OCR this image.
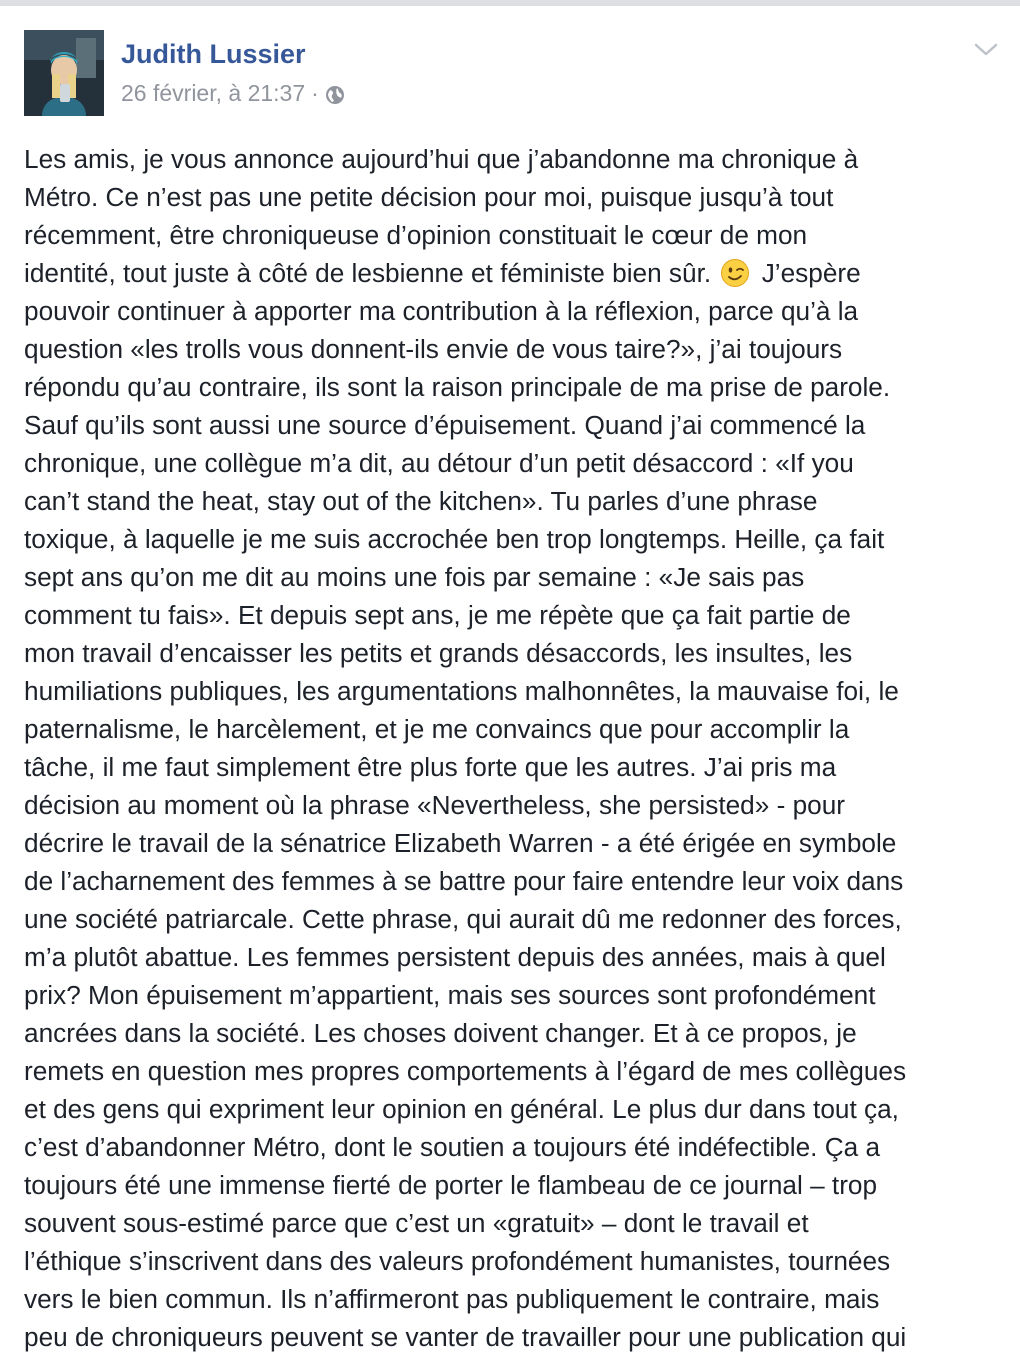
Judith Lussier
26 février, à 21:37 ·
Les amis, je vous annonce aujourd’hui que j’abandonne ma chronique à
Métro. Ce n’est pas une petite décision pour moi, puisque jusqu’à tout
récemment, être chroniqueuse d’opinion constituait le cœur de mon
identité, tout juste à côté de lesbienne et féministe bien sûr. J’espère
pouvoir continuer à apporter ma contribution à la réflexion, parce qu’à la
question «les trolls vous donnent-ils envie de vous taire?», j’ai toujours
répondu qu’au contraire, ils sont la raison principale de ma prise de parole.
Sauf qu’ils sont aussi une source d’épuisement. Quand j’ai commencé la
chronique, une collègue m’a dit, au détour d’un petit désaccord : «If you
can’t stand the heat, stay out of the kitchen». Tu parles d’une phrase
toxique, à laquelle je me suis accrochée ben trop longtemps. Heille, ça fait
sept ans qu’on me dit au moins une fois par semaine : «Je sais pas
comment tu fais». Et depuis sept ans, je me répète que ça fait partie de
mon travail d’encaisser les petits et grands désaccords, les insultes, les
humiliations publiques, les argumentations malhonnêtes, la mauvaise foi, le
paternalisme, le harcèlement, et je me convaincs que pour accomplir la
tâche, il me faut simplement être plus forte que les autres. J’ai pris ma
décision au moment où la phrase «Nevertheless, she persisted» - pour
décrire le travail de la sénatrice Elizabeth Warren - a été érigée en symbole
de l’acharnement des femmes à se battre pour faire entendre leur voix dans
une société patriarcale. Cette phrase, qui aurait dû me redonner des forces,
m’a plutôt abattue. Les femmes persistent depuis des années, mais à quel
prix? Mon épuisement m’appartient, mais ses sources sont profondément
ancrées dans la société. Les choses doivent changer. Et à ce propos, je
remets en question mes propres comportements à l’égard de mes collègues
et des gens qui expriment leur opinion en général. Le plus dur dans tout ça,
c’est d’abandonner Métro, dont le soutien a toujours été indéfectible. Ça a
toujours été une immense fierté de porter le flambeau de ce journal – trop
souvent sous-estimé parce que c’est un «gratuit» – dont le travail et
l’éthique s’inscrivent dans des valeurs profondément humanistes, tournées
vers le bien commun. Ils n’affirmeront pas publiquement le contraire, mais
peu de chroniqueurs peuvent se vanter de travailler pour une publication qui
